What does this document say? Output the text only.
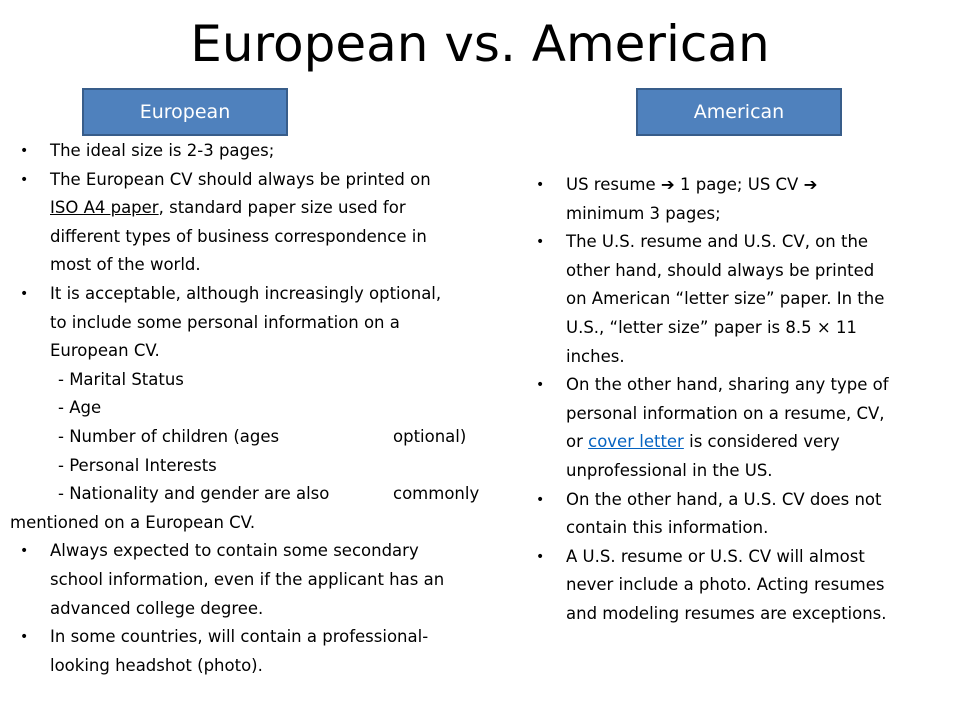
European vs. American
European	American
• The ideal size is 2-3 pages;
• The European CV should always be printed on
ISO A4 paper, standard paper size used for
different types of business correspondence in
most of the world.
• It is acceptable, although increasingly optional,
to include some personal information on a
European CV.
- Marital Status
- Age
- Number of children (ages	optional)
- Personal Interests
- Nationality and gender are also	commonly
mentioned on a European CV.
• Always expected to contain some secondary
school information, even if the applicant has an
advanced college degree.
• In some countries, will contain a professional-
looking headshot (photo).
• US resume ➔ 1 page; US CV ➔
minimum 3 pages;
• The U.S. resume and U.S. CV, on the
other hand, should always be printed
on American “letter size” paper. In the
U.S., “letter size” paper is 8.5 × 11
inches.
• On the other hand, sharing any type of
personal information on a resume, CV,
or cover letter is considered very
unprofessional in the US.
• On the other hand, a U.S. CV does not
contain this information.
• A U.S. resume or U.S. CV will almost
never include a photo. Acting resumes
and modeling resumes are exceptions.
